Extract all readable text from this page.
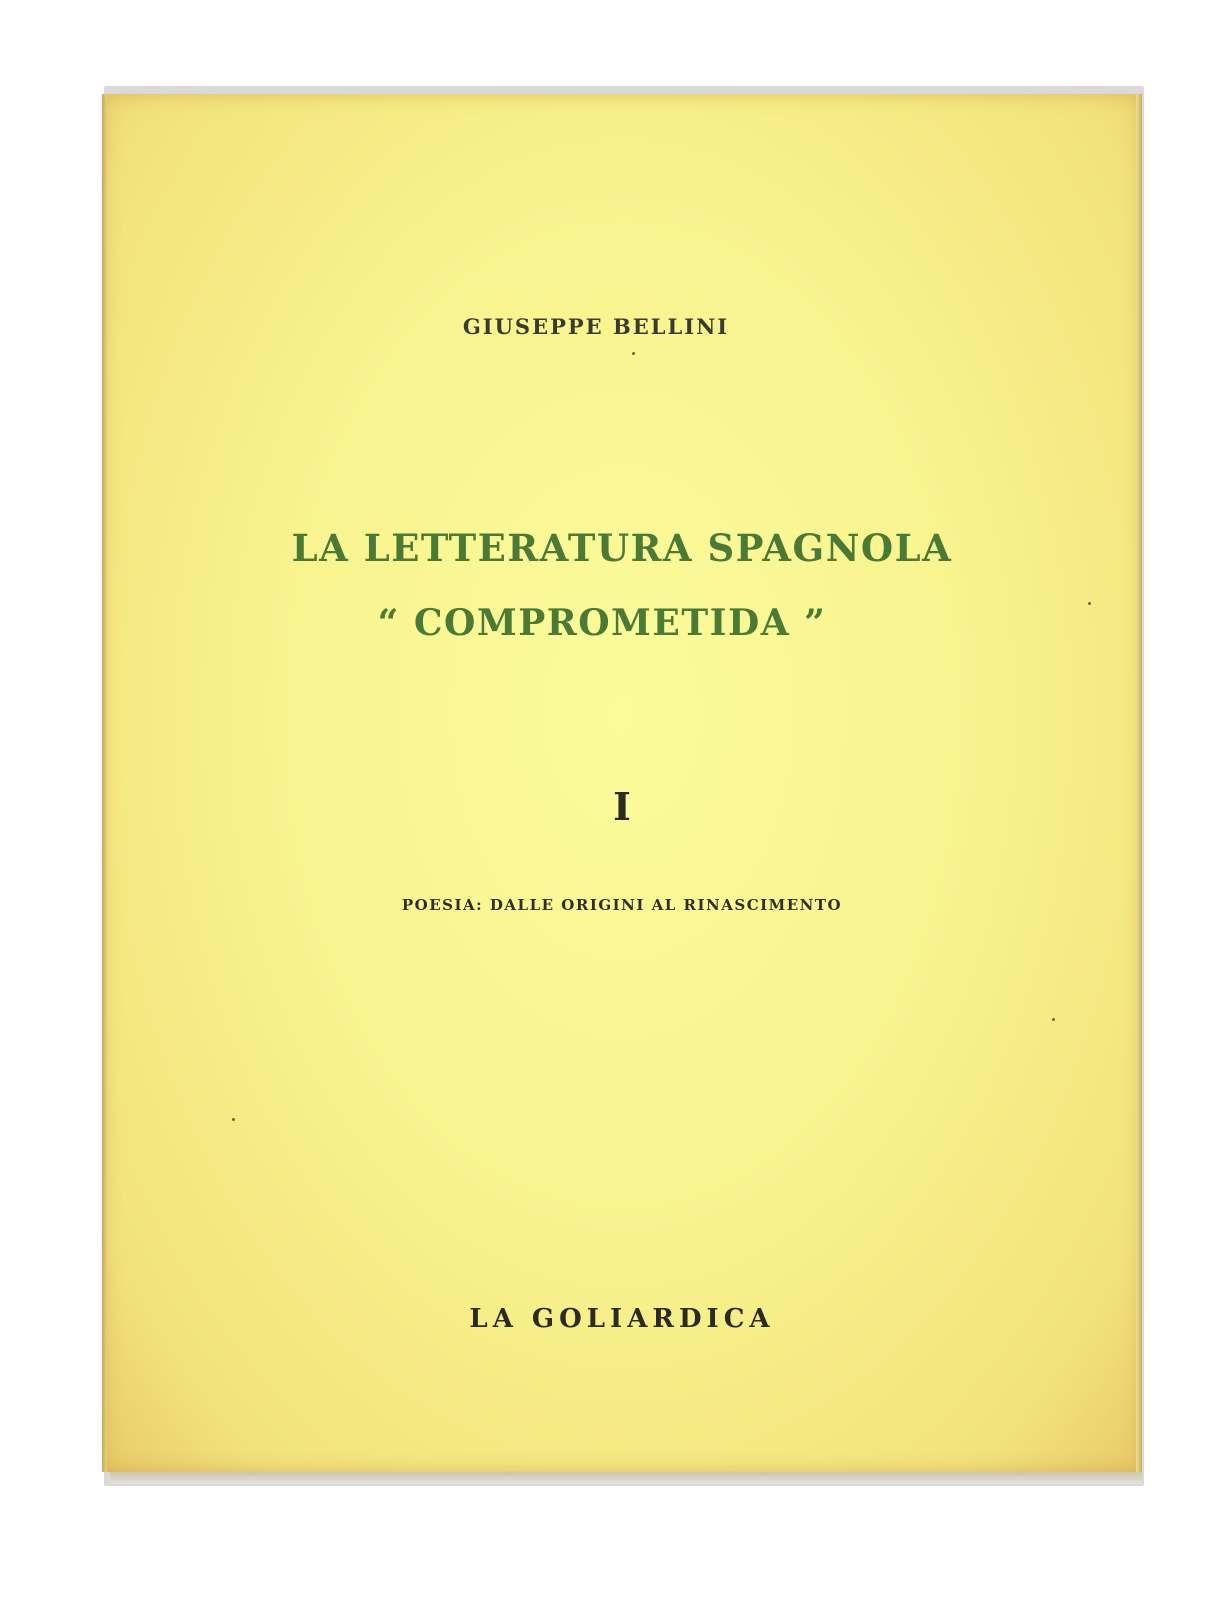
GIUSEPPE BELLINI
LA LETTERATURA SPAGNOLA
“ COMPROMETIDA ”
I
POESIA: DALLE ORIGINI AL RINASCIMENTO
LA GOLIARDICA
